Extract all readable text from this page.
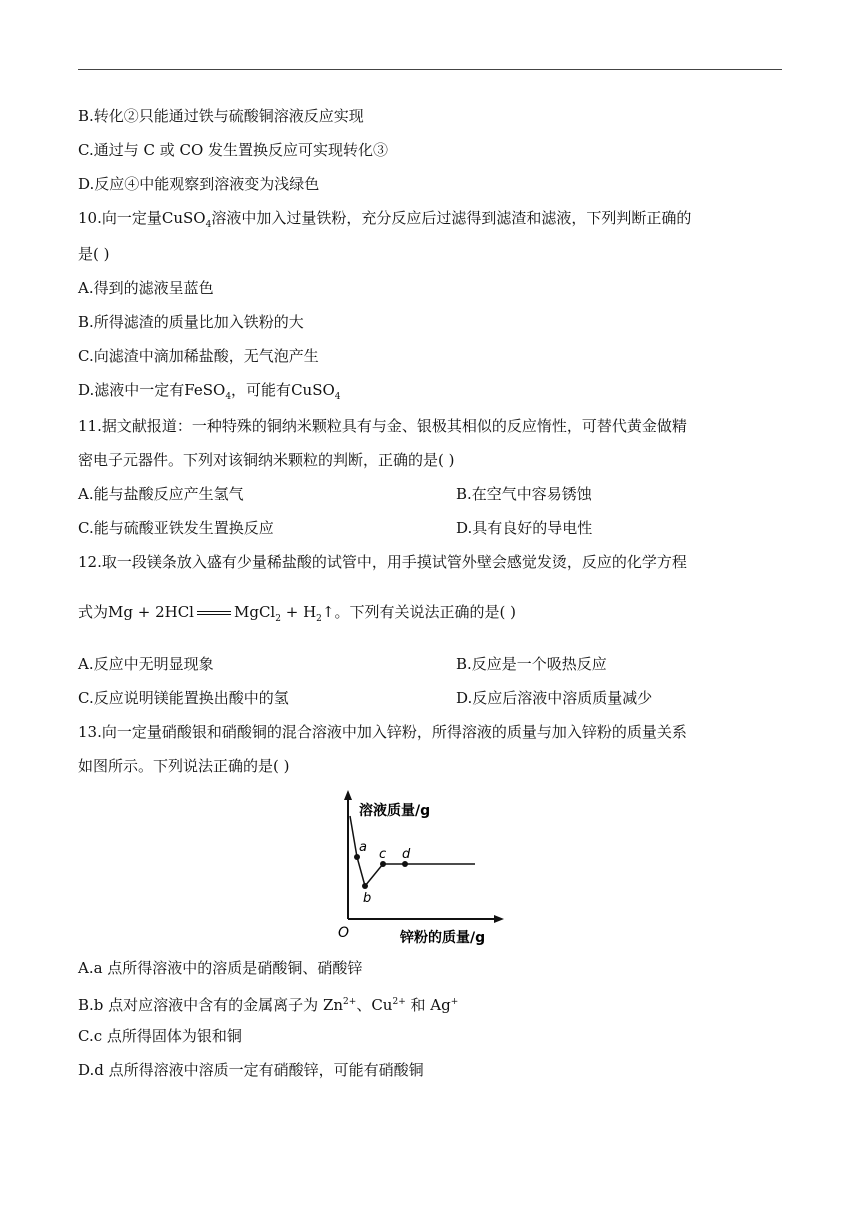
B.转化②只能通过铁与硫酸铜溶液反应实现
C.通过与 C 或 CO 发生置换反应可实现转化③
D.反应④中能观察到溶液变为浅绿色
10.向一定量CuSO$_4$溶液中加入过量铁粉，充分反应后过滤得到滤渣和滤液，下列判断正确的
是( )
A.得到的滤液呈蓝色
B.所得滤渣的质量比加入铁粉的大
C.向滤渣中滴加稀盐酸，无气泡产生
D.滤液中一定有FeSO$_4$，可能有CuSO$_4$
11.据文献报道：一种特殊的铜纳米颗粒具有与金、银极其相似的反应惰性，可替代黄金做精
密电子元器件。下列对该铜纳米颗粒的判断，正确的是( )
A.能与盐酸反应产生氢气	B.在空气中容易锈蚀
C.能与硫酸亚铁发生置换反应	D.具有良好的导电性
12.取一段镁条放入盛有少量稀盐酸的试管中，用手摸试管外壁会感觉发烫，反应的化学方程
式为Mg + 2HCl	MgCl$_2$ + $H_2↑$。下列有关说法正确的是( )
A.反应中无明显现象	B.反应是一个吸热反应
C.反应说明镁能置换出酸中的氢	D.反应后溶液中溶质质量减少
13.向一定量硝酸银和硝酸铜的混合溶液中加入锌粉，所得溶液的质量与加入锌粉的质量关系
如图所示。下列说法正确的是( )
溶液质量/g
锌粉的质量/g
O
a
b
c d
A.a 点所得溶液中的溶质是硝酸铜、硝酸锌
B.b 点对应溶液中含有的金属离子为 $Zn^{2+}$、$Cu^{2+}$ 和 Ag+
C.c 点所得固体为银和铜
D.d 点所得溶液中溶质一定有硝酸锌，可能有硝酸铜
